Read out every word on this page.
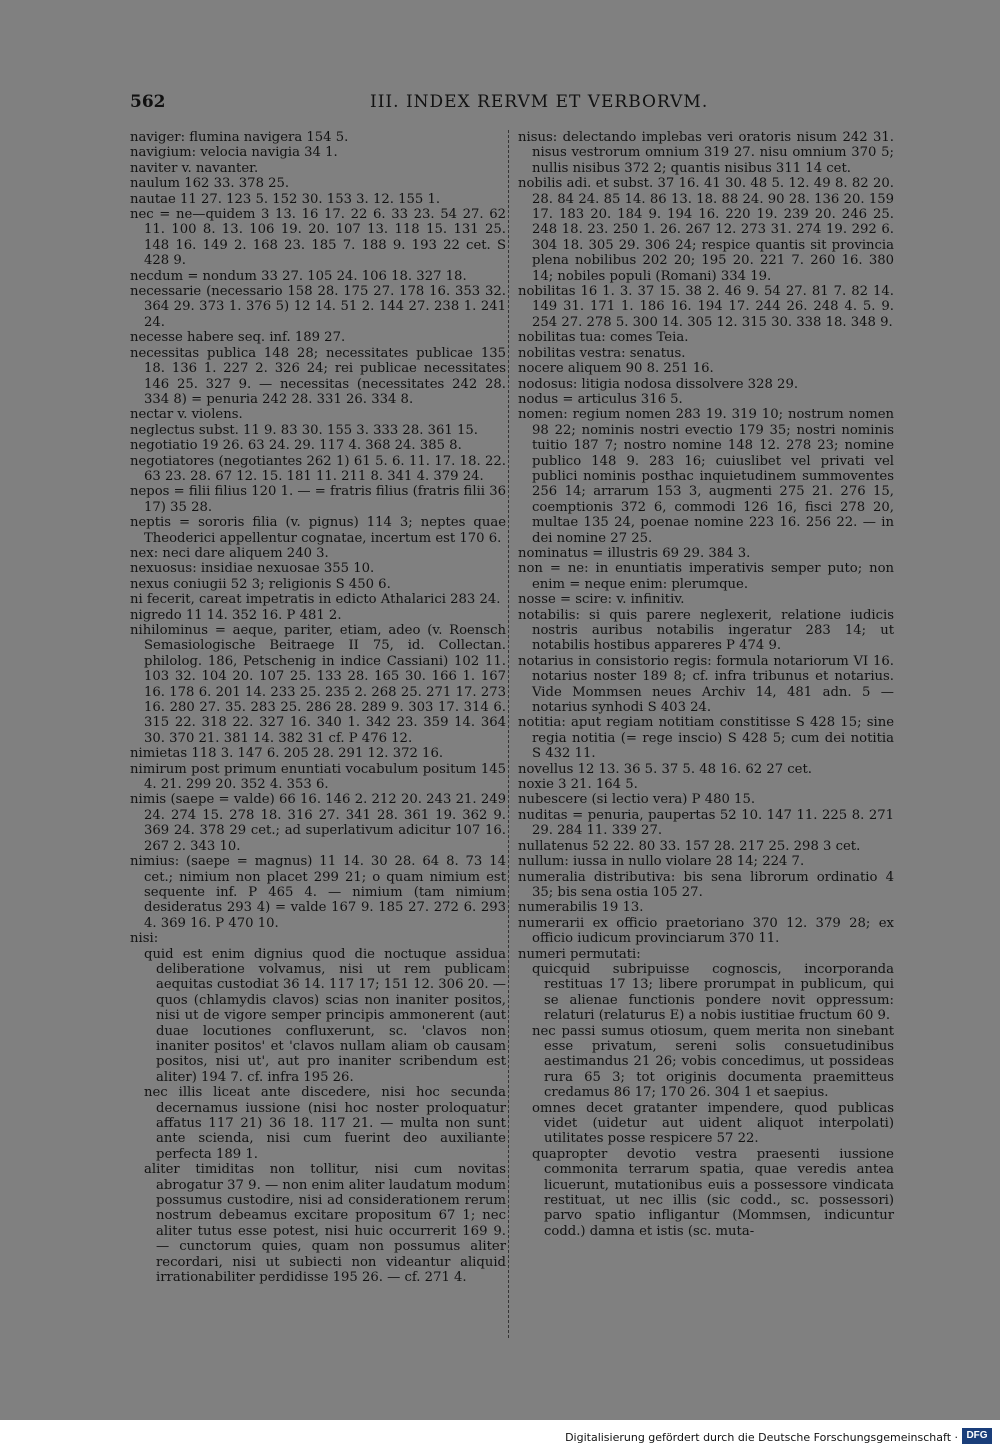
562	III. INDEX RERVM ET VERBORVM.

naviger: flumina navigera 154 5.

navigium: velocia navigia 34 1.

naviter v. navanter.

naulum 162 33. 378 25.

nautae 11 27. 123 5. 152 30. 153 3. 12. 155 1.

nec = ne—quidem 3 13. 16 17. 22 6. 33 23. 54 27. 62 11. 100 8. 13. 106 19. 20. 107 13. 118 15. 131 25. 148 16. 149 2. 168 23. 185 7. 188 9. 193 22 cet. S 428 9.

necdum = nondum 33 27. 105 24. 106 18. 327 18.

necessarie (necessario 158 28. 175 27. 178 16. 353 32. 364 29. 373 1. 376 5) 12 14. 51 2. 144 27. 238 1. 241 24.

necesse habere seq. inf. 189 27.

necessitas publica 148 28; necessitates publicae 135 18. 136 1. 227 2. 326 24; rei publicae necessitates 146 25. 327 9. — necessitas (necessitates 242 28. 334 8) = penuria 242 28. 331 26. 334 8.

nectar v. violens.

neglectus subst. 11 9. 83 30. 155 3. 333 28. 361 15.

negotiatio 19 26. 63 24. 29. 117 4. 368 24. 385 8.

negotiatores (negotiantes 262 1) 61 5. 6. 11. 17. 18. 22. 63 23. 28. 67 12. 15. 181 11. 211 8. 341 4. 379 24.

nepos = filii filius 120 1. — = fratris filius (fratris filii 36 17) 35 28.

neptis = sororis filia (v. pignus) 114 3; neptes quae Theoderici appellentur cognatae, incertum est 170 6.

nex: neci dare aliquem 240 3.

nexuosus: insidiae nexuosae 355 10.

nexus coniugii 52 3; religionis S 450 6.

ni fecerit, careat impetratis in edicto Athalarici 283 24.

nigredo 11 14. 352 16. P 481 2.

nihilominus = aeque, pariter, etiam, adeo (v. Roensch Semasiologische Beitraege II 75, id. Collectan. philolog. 186, Petschenig in indice Cassiani) 102 11. 103 32. 104 20. 107 25. 133 28. 165 30. 166 1. 167 16. 178 6. 201 14. 233 25. 235 2. 268 25. 271 17. 273 16. 280 27. 35. 283 25. 286 28. 289 9. 303 17. 314 6. 315 22. 318 22. 327 16. 340 1. 342 23. 359 14. 364 30. 370 21. 381 14. 382 31 cf. P 476 12.

nimietas 118 3. 147 6. 205 28. 291 12. 372 16.

nimirum post primum enuntiati vocabulum positum 145 4. 21. 299 20. 352 4. 353 6.

nimis (saepe = valde) 66 16. 146 2. 212 20. 243 21. 249 24. 274 15. 278 18. 316 27. 341 28. 361 19. 362 9. 369 24. 378 29 cet.; ad superlativum adicitur 107 16. 267 2. 343 10.

nimius: (saepe = magnus) 11 14. 30 28. 64 8. 73 14 cet.; nimium non placet 299 21; o quam nimium est sequente inf. P 465 4. — nimium (tam nimium desideratus 293 4) = valde 167 9. 185 27. 272 6. 293 4. 369 16. P 470 10.

nisi:

quid est enim dignius quod die noctuque assidua deliberatione volvamus, nisi ut rem publicam aequitas custodiat 36 14. 117 17; 151 12. 306 20. — quos (chlamydis clavos) scias non inaniter positos, nisi ut de vigore semper principis ammonerent (aut duae locutiones confluxerunt, sc. 'clavos non inaniter positos' et 'clavos nullam aliam ob causam positos, nisi ut', aut pro inaniter scribendum est aliter) 194 7. cf. infra 195 26.

nec illis liceat ante discedere, nisi hoc secunda decernamus iussione (nisi hoc noster proloquatur affatus 117 21) 36 18. 117 21. — multa non sunt ante scienda, nisi cum fuerint deo auxiliante perfecta 189 1.

aliter timiditas non tollitur, nisi cum novitas abrogatur 37 9. — non enim aliter laudatum modum possumus custodire, nisi ad considerationem rerum nostrum debeamus excitare propositum 67 1; nec aliter tutus esse potest, nisi huic occurrerit 169 9. — cunctorum quies, quam non possumus aliter recordari, nisi ut subiecti non videantur aliquid irrationabiliter perdidisse 195 26. — cf. 271 4.

nisus: delectando implebas veri oratoris nisum 242 31. nisus vestrorum omnium 319 27. nisu omnium 370 5; nullis nisibus 372 2; quantis nisibus 311 14 cet.

nobilis adi. et subst. 37 16. 41 30. 48 5. 12. 49 8. 82 20. 28. 84 24. 85 14. 86 13. 18. 88 24. 90 28. 136 20. 159 17. 183 20. 184 9. 194 16. 220 19. 239 20. 246 25. 248 18. 23. 250 1. 26. 267 12. 273 31. 274 19. 292 6. 304 18. 305 29. 306 24; respice quantis sit provincia plena nobilibus 202 20; 195 20. 221 7. 260 16. 380 14; nobiles populi (Romani) 334 19.

nobilitas 16 1. 3. 37 15. 38 2. 46 9. 54 27. 81 7. 82 14. 149 31. 171 1. 186 16. 194 17. 244 26. 248 4. 5. 9. 254 27. 278 5. 300 14. 305 12. 315 30. 338 18. 348 9.

nobilitas tua: comes Teia.

nobilitas vestra: senatus.

nocere aliquem 90 8. 251 16.

nodosus: litigia nodosa dissolvere 328 29.

nodus = articulus 316 5.

nomen: regium nomen 283 19. 319 10; nostrum nomen 98 22; nominis nostri evectio 179 35; nostri nominis tuitio 187 7; nostro nomine 148 12. 278 23; nomine publico 148 9. 283 16; cuiuslibet vel privati vel publici nominis posthac inquietudinem summoventes 256 14; arrarum 153 3, augmenti 275 21. 276 15, coemptionis 372 6, commodi 126 16, fisci 278 20, multae 135 24, poenae nomine 223 16. 256 22. — in dei nomine 27 25.

nominatus = illustris 69 29. 384 3.

non = ne: in enuntiatis imperativis semper puto; non enim = neque enim: plerumque.

nosse = scire: v. infinitiv.

notabilis: si quis parere neglexerit, relatione iudicis nostris auribus notabilis ingeratur 283 14; ut notabilis hostibus appareres P 474 9.

notarius in consistorio regis: formula notariorum VI 16. notarius noster 189 8; cf. infra tribunus et notarius. Vide Mommsen neues Archiv 14, 481 adn. 5 — notarius synhodi S 403 24.

notitia: aput regiam notitiam constitisse S 428 15; sine regia notitia (= rege inscio) S 428 5; cum dei notitia S 432 11.

novellus 12 13. 36 5. 37 5. 48 16. 62 27 cet.

noxie 3 21. 164 5.

nubescere (si lectio vera) P 480 15.

nuditas = penuria, paupertas 52 10. 147 11. 225 8. 271 29. 284 11. 339 27.

nullatenus 52 22. 80 33. 157 28. 217 25. 298 3 cet.

nullum: iussa in nullo violare 28 14; 224 7.

numeralia distributiva: bis sena librorum ordinatio 4 35; bis sena ostia 105 27.

numerabilis 19 13.

numerarii ex officio praetoriano 370 12. 379 28; ex officio iudicum provinciarum 370 11.

numeri permutati:

quicquid subripuisse cognoscis, incorporanda restituas 17 13; libere prorumpat in publicum, qui se alienae functionis pondere novit oppressum: relaturi (relaturus E) a nobis iustitiae fructum 60 9.

nec passi sumus otiosum, quem merita non sinebant esse privatum, sereni solis consuetudinibus aestimandus 21 26; vobis concedimus, ut possideas rura 65 3; tot originis documenta praemitteus credamus 86 17; 170 26. 304 1 et saepius.

omnes decet gratanter impendere, quod publicas videt (uidetur aut uident aliquot interpolati) utilitates posse respicere 57 22.

quapropter devotio vestra praesenti iussione commonita terrarum spatia, quae veredis antea licuerunt, mutationibus euis a possessore vindicata restituat, ut nec illis (sic codd., sc. possessori) parvo spatio infligantur (Mommsen, indicuntur codd.) damna et istis (sc. muta-

Digitalisierung gefördert durch die Deutsche Forschungsgemeinschaft · DFG
